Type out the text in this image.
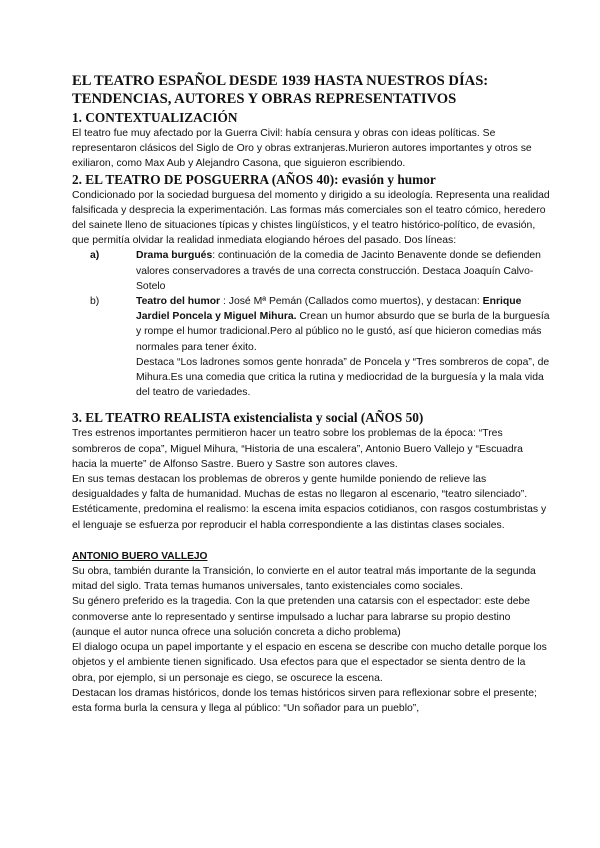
EL TEATRO ESPAÑOL DESDE 1939 HASTA NUESTROS DÍAS:
TENDENCIAS, AUTORES Y OBRAS REPRESENTATIVOS
1. CONTEXTUALIZACIÓN

El teatro fue muy afectado por la Guerra Civil: había censura y obras con ideas políticas. Se representaron clásicos del Siglo de Oro y obras extranjeras.Murieron autores importantes y otros se exiliaron, como Max Aub y Alejandro Casona, que siguieron escribiendo.

2. EL TEATRO DE POSGUERRA (AÑOS 40): evasión y humor

Condicionado por la sociedad burguesa del momento y dirigido a su ideología. Representa una realidad falsificada y desprecia la experimentación. Las formas más comerciales son el teatro cómico, heredero del sainete lleno de situaciones típicas y chistes lingüísticos, y el teatro histórico-político, de evasión, que permitía olvidar la realidad inmediata elogiando héroes del pasado. Dos líneas:

a)	Drama burgués: continuación de la comedia de Jacinto Benavente donde se defienden valores conservadores a través de una correcta construcción. Destaca Joaquín Calvo-Sotelo
b)	Teatro del humor : José Mª Pemán (Callados como muertos), y destacan: Enrique Jardiel Poncela y Miguel Mihura. Crean un humor absurdo que se burla de la burguesía y rompe el humor tradicional.Pero al público no le gustó, así que hicieron comedias más normales para tener éxito.
Destaca “Los ladrones somos gente honrada” de Poncela y “Tres sombreros de copa”, de Mihura.Es una comedia que critica la rutina y mediocridad de la burguesía y la mala vida del teatro de variedades.
3. EL TEATRO REALISTA existencialista y social (AÑOS 50)

Tres estrenos importantes permitieron hacer un teatro sobre los problemas de la época: “Tres sombreros de copa”, Miguel Mihura, “Historia de una escalera”, Antonio Buero Vallejo y “Escuadra hacia la muerte” de Alfonso Sastre. Buero y Sastre son autores claves.

En sus temas destacan los problemas de obreros y gente humilde poniendo de relieve las desigualdades y falta de humanidad. Muchas de estas no llegaron al escenario, “teatro silenciado”.

Estéticamente, predomina el realismo: la escena imita espacios cotidianos, con rasgos costumbristas y el lenguaje se esfuerza por reproducir el habla correspondiente a las distintas clases sociales.

ANTONIO BUERO VALLEJO

Su obra, también durante la Transición, lo convierte en el autor teatral más importante de la segunda mitad del siglo. Trata temas humanos universales, tanto existenciales como sociales.

Su género preferido es la tragedia. Con la que pretenden una catarsis con el espectador: este debe conmoverse ante lo representado y sentirse impulsado a luchar para labrarse su propio destino (aunque el autor nunca ofrece una solución concreta a dicho problema)

El dialogo ocupa un papel importante y el espacio en escena se describe con mucho detalle porque los objetos y el ambiente tienen significado. Usa efectos para que el espectador se sienta dentro de la obra, por ejemplo, si un personaje es ciego, se oscurece la escena.

Destacan los dramas históricos, donde los temas históricos sirven para reflexionar sobre el presente; esta forma burla la censura y llega al público: “Un soñador para un pueblo”,
